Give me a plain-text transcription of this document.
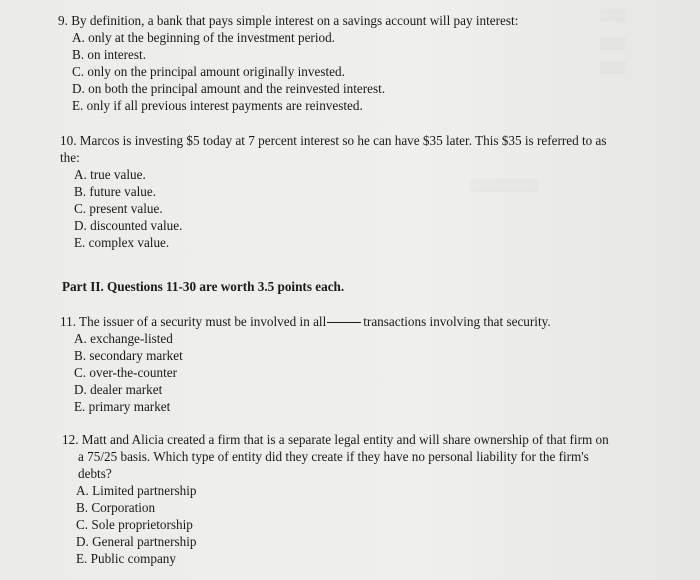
▒▒▒
▒▒▒
▒▒▒
▒▒▒▒▒▒▒▒
9. By definition, a bank that pays simple interest on a savings account will pay interest:
A. only at the beginning of the investment period.
B. on interest.
C. only on the principal amount originally invested.
D. on both the principal amount and the reinvested interest.
E. only if all previous interest payments are reinvested.
10. Marcos is investing $5 today at 7 percent interest so he can have $35 later. This $35 is referred to as
the:
A. true value.
B. future value.
C. present value.
D. discounted value.
E. complex value.
Part II. Questions 11-30 are worth 3.5 points each.
11. The issuer of a security must be involved in all	transactions involving that security.
A. exchange-listed
B. secondary market
C. over-the-counter
D. dealer market
E. primary market
12. Matt and Alicia created a firm that is a separate legal entity and will share ownership of that firm on
a 75/25 basis. Which type of entity did they create if they have no personal liability for the firm's
debts?
A. Limited partnership
B. Corporation
C. Sole proprietorship
D. General partnership
E. Public company
